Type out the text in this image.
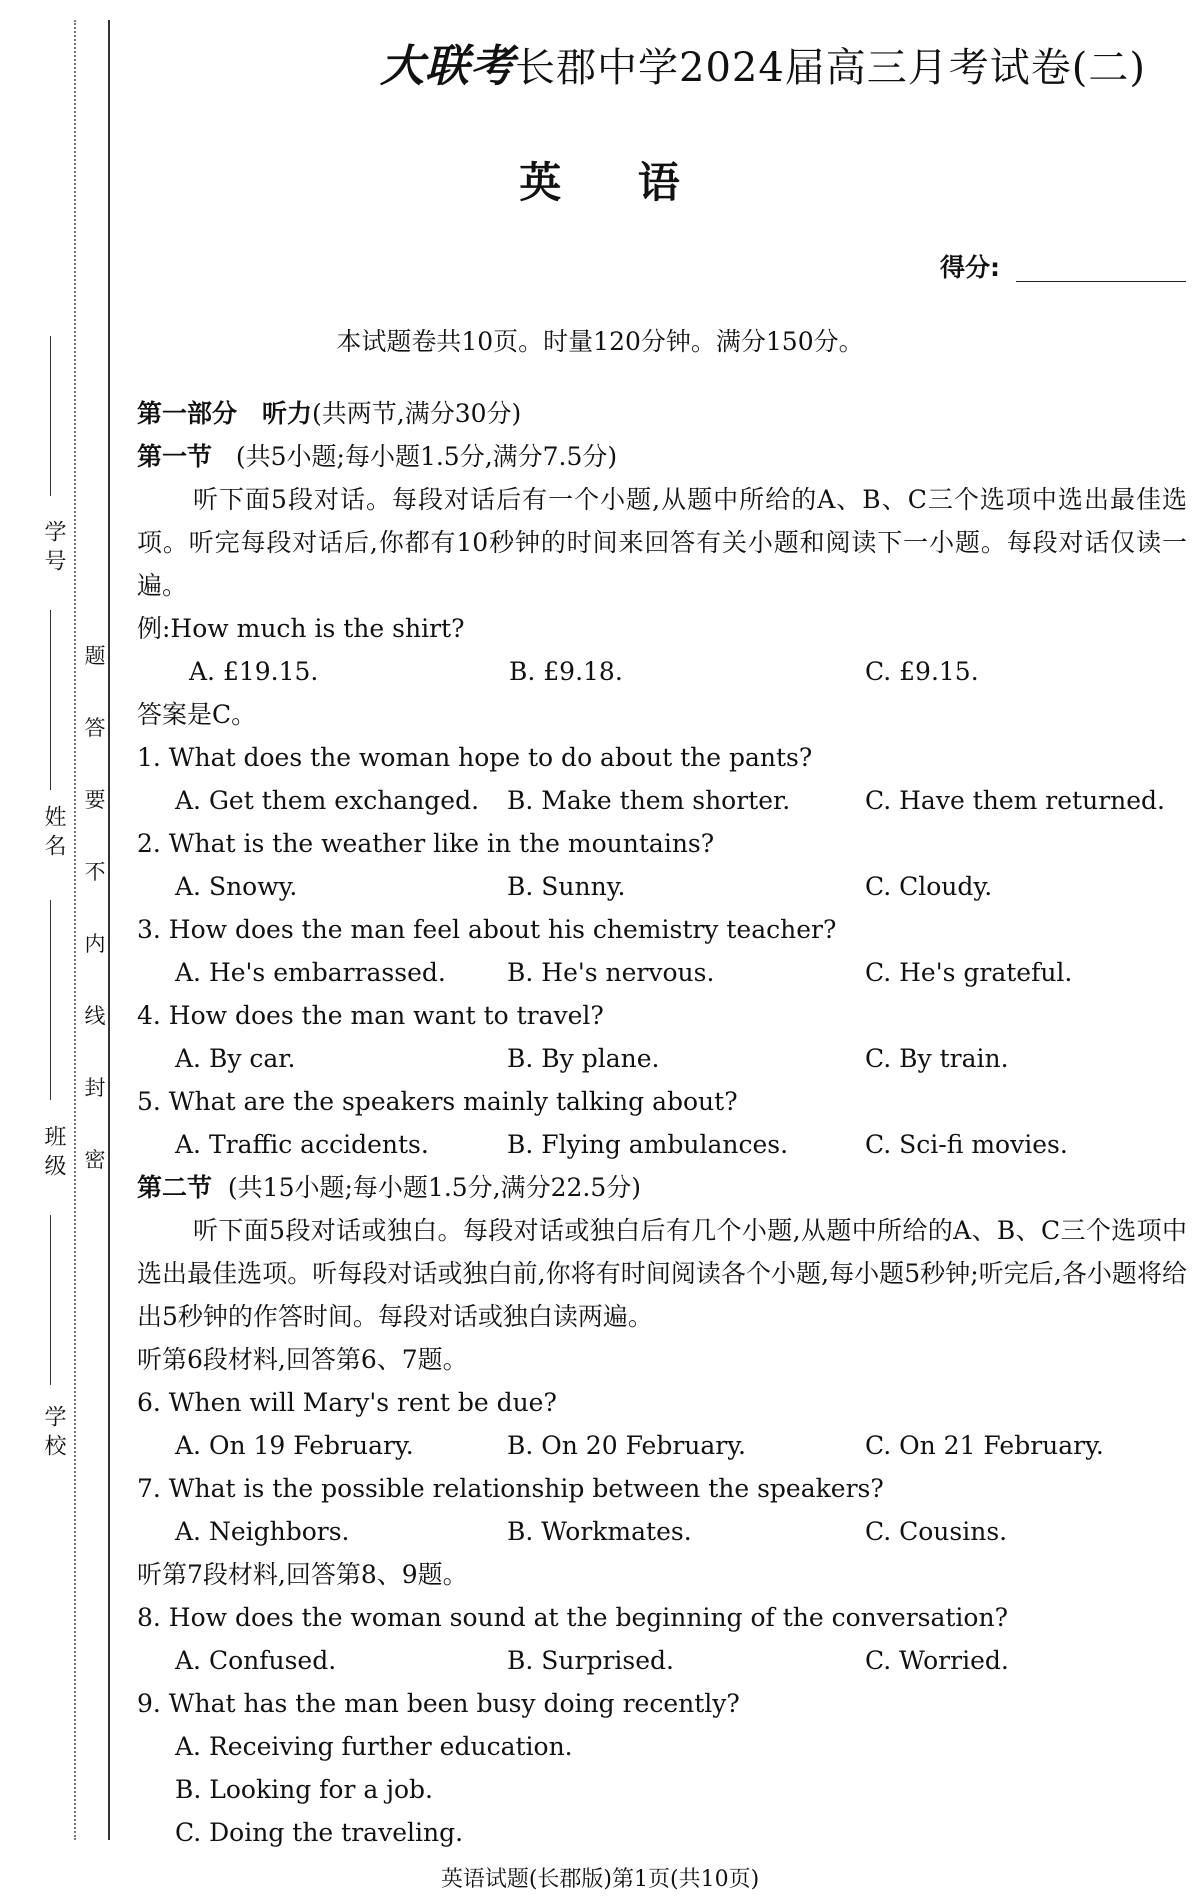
学 号
姓 名
班 级
学 校
题
答
要
不
内
线
封
密
大联考长郡中学2024届高三月考试卷(二)
英 语
得分:
本试题卷共10页。时量120分钟。满分150分。
第一部分　听力(共两节,满分30分)
第一节 (共5小题;每小题1.5分,满分7.5分)

听下面5段对话。每段对话后有一个小题,从题中所给的A、B、C三个选项中选出最佳选项。听完每段对话后,你都有10秒钟的时间来回答有关小题和阅读下一小题。每段对话仅读一遍。

例:How much is the shirt?
A. £19.15.	B. £9.18.	C. £9.15.
答案是C。
1. What does the woman hope to do about the pants?
A. Get them exchanged. B. Make them shorter.	C. Have them returned.
2. What is the weather like in the mountains?
A. Snowy.	B. Sunny.	C. Cloudy.
3. How does the man feel about his chemistry teacher?
A. He's embarrassed. B. He's nervous.	C. He's grateful.
4. How does the man want to travel?
A. By car.	B. By plane.	C. By train.
5. What are the speakers mainly talking about?
A. Traffic accidents.	B. Flying ambulances.	C. Sci-fi movies.
第二节 (共15小题;每小题1.5分,满分22.5分)

听下面5段对话或独白。每段对话或独白后有几个小题,从题中所给的A、B、C三个选项中选出最佳选项。听每段对话或独白前,你将有时间阅读各个小题,每小题5秒钟;听完后,各小题将给出5秒钟的作答时间。每段对话或独白读两遍。

听第6段材料,回答第6、7题。
6. When will Mary's rent be due?
A. On 19 February.	B. On 20 February.	C. On 21 February.
7. What is the possible relationship between the speakers?
A. Neighbors.	B. Workmates.	C. Cousins.
听第7段材料,回答第8、9题。
8. How does the woman sound at the beginning of the conversation?
A. Confused.	B. Surprised.	C. Worried.
9. What has the man been busy doing recently?
A. Receiving further education.
B. Looking for a job.
C. Doing the traveling.
英语试题(长郡版)第1页(共10页)
